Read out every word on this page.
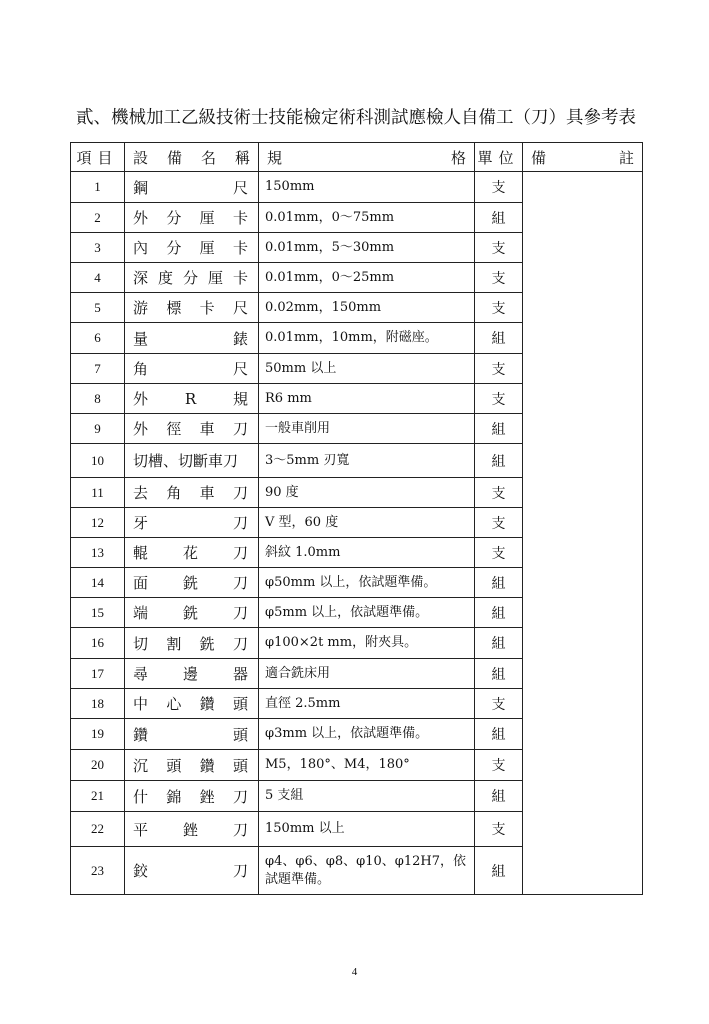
貳、機械加工乙級技術士技能檢定術科測試應檢人自備工（刀）具參考表
項目	設 備 名 稱	規 格	單位	備 註

1	鋼 尺	150mm	支	
2	外 分 厘 卡	0.01mm，0～75mm	組	
3	內 分 厘 卡	0.01mm，5～30mm	支	
4	深 度 分 厘 卡	0.01mm，0～25mm	支	
5	游 標 卡 尺	0.02mm，150mm	支	
6	量 錶	0.01mm，10mm，附磁座。	組	
7	角 尺	50mm 以上	支	
8	外 R 規	R6 mm	支	
9	外 徑 車 刀	一般車削用	組	
10	切槽、切斷車刀	3～5mm 刃寬	組	
11	去 角 車 刀	90 度	支	
12	牙 刀	V 型，60 度	支	
13	輥 花 刀	斜紋 1.0mm	支	
14	面 銑 刀	φ50mm 以上，依試題準備。	組	
15	端 銑 刀	φ5mm 以上，依試題準備。	組	
16	切 割 銑 刀	φ100×2t mm，附夾具。	組	
17	尋 邊 器	適合銑床用	組	
18	中 心 鑽 頭	直徑 2.5mm	支	
19	鑽 頭	φ3mm 以上，依試題準備。	組	
20	沉 頭 鑽 頭	M5，180°、M4，180°	支	
21	什 錦 銼 刀	5 支組	組	
22	平 銼 刀	150mm 以上	支	
23	鉸 刀	φ4、φ6、φ8、φ10、φ12H7，依試題準備。	組	
4
